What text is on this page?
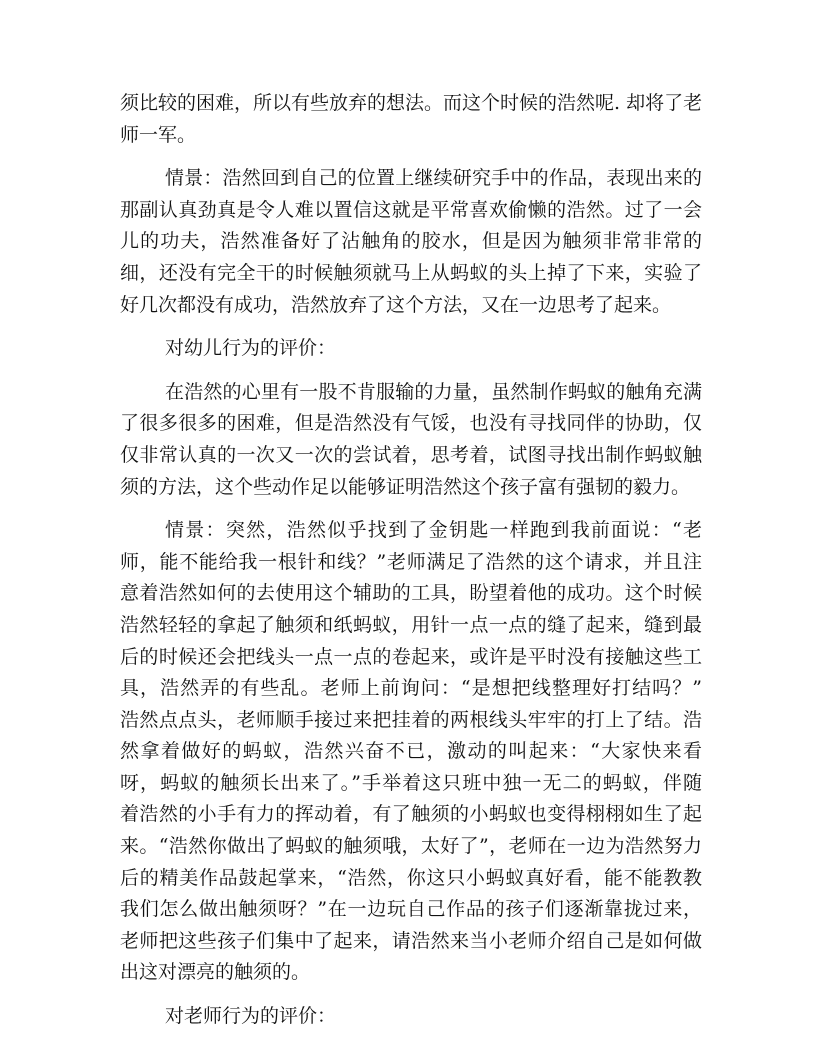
须比较的困难，所以有些放弃的想法。而这个时候的浩然呢. 却将了老
师一军。
情景：浩然回到自己的位置上继续研究手中的作品，表现出来的
那副认真劲真是令人难以置信这就是平常喜欢偷懒的浩然。过了一会
儿的功夫，浩然准备好了沾触角的胶水，但是因为触须非常非常的
细，还没有完全干的时候触须就马上从蚂蚁的头上掉了下来，实验了
好几次都没有成功，浩然放弃了这个方法，又在一边思考了起来。
对幼儿行为的评价：
在浩然的心里有一股不肯服输的力量，虽然制作蚂蚁的触角充满
了很多很多的困难，但是浩然没有气馁，也没有寻找同伴的协助，仅
仅非常认真的一次又一次的尝试着，思考着，试图寻找出制作蚂蚁触
须的方法，这个些动作足以能够证明浩然这个孩子富有强韧的毅力。
情景：突然，浩然似乎找到了金钥匙一样跑到我前面说：“老
师，能不能给我一根针和线？”老师满足了浩然的这个请求，并且注
意着浩然如何的去使用这个辅助的工具，盼望着他的成功。这个时候
浩然轻轻的拿起了触须和纸蚂蚁，用针一点一点的缝了起来，缝到最
后的时候还会把线头一点一点的卷起来，或许是平时没有接触这些工
具，浩然弄的有些乱。老师上前询问：“是想把线整理好打结吗？”
浩然点点头，老师顺手接过来把挂着的两根线头牢牢的打上了结。浩
然拿着做好的蚂蚁，浩然兴奋不已，激动的叫起来：“大家快来看
呀，蚂蚁的触须长出来了。”手举着这只班中独一无二的蚂蚁，伴随
着浩然的小手有力的挥动着，有了触须的小蚂蚁也变得栩栩如生了起
来。“浩然你做出了蚂蚁的触须哦，太好了”，老师在一边为浩然努力
后的精美作品鼓起掌来，“浩然，你这只小蚂蚁真好看，能不能教教
我们怎么做出触须呀？”在一边玩自己作品的孩子们逐渐靠拢过来，
老师把这些孩子们集中了起来，请浩然来当小老师介绍自己是如何做
出这对漂亮的触须的。
对老师行为的评价：
